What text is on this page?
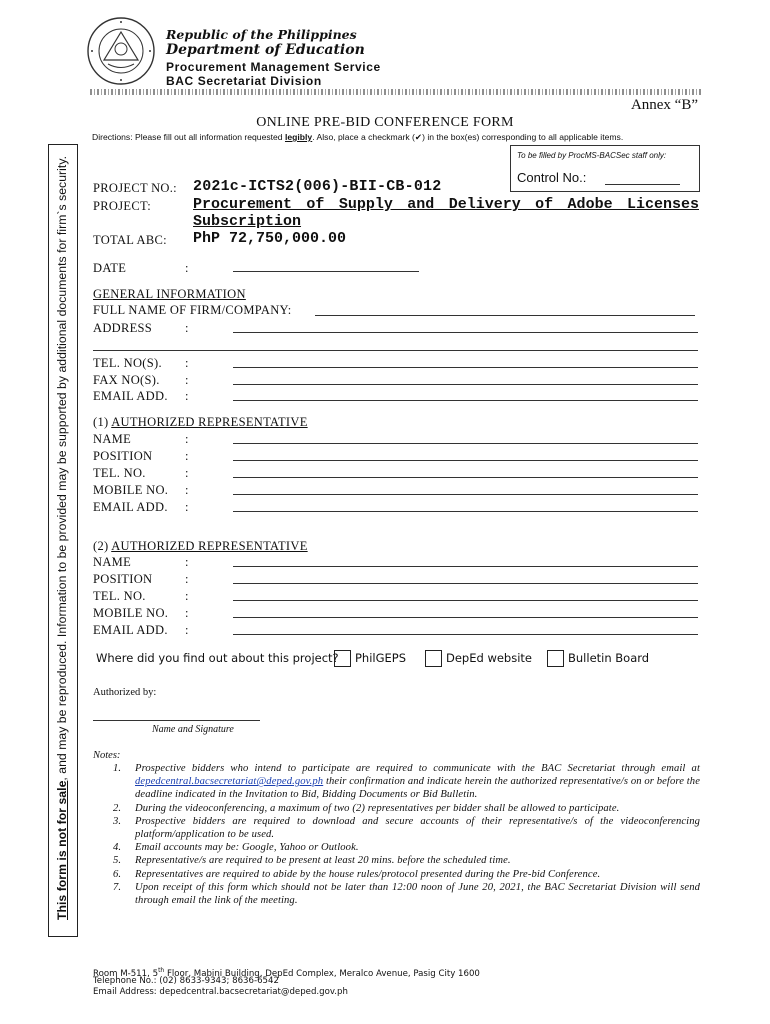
This form is not for sale, and may be reproduced. Information to be provided may be supported by additional documents for firm`s security.
Republic of the Philippines
Department of Education
Procurement Management Service
BAC Secretariat Division
Annex “B”
ONLINE PRE-BID CONFERENCE FORM
Directions: Please fill out all information requested legibly. Also, place a checkmark (✔) in the box(es) corresponding to all applicable items.
To be filled by ProcMS-BACSec staff only:
Control No.:
PROJECT NO.: 2021c-ICTS2(006)-BII-CB-012
PROJECT:	Procurement of Supply and Delivery of Adobe Licenses Subscription
TOTAL ABC: PhP 72,750,000.00
DATE	:
GENERAL INFORMATION
FULL NAME OF FIRM/COMPANY:
ADDRESS	:
TEL. NO(S). :
FAX NO(S). :
EMAIL ADD. :
(1) AUTHORIZED REPRESENTATIVE
NAME	:
POSITION	:
TEL. NO.	:
MOBILE NO. :
EMAIL ADD. :
(2) AUTHORIZED REPRESENTATIVE
NAME	:
POSITION	:
TEL. NO.	:
MOBILE NO. :
EMAIL ADD. :
Where did you find out about this project? PhilGEPS	DepEd website	Bulletin Board
Authorized by:
Name and Signature
Notes:
1. Prospective bidders who intend to participate are required to communicate with the BAC Secretariat through email at depedcentral.bacsecretariat@deped.gov.ph their confirmation and indicate herein the authorized representative/s on or before the deadline indicated in the Invitation to Bid, Bidding Documents or Bid Bulletin.
2. During the videoconferencing, a maximum of two (2) representatives per bidder shall be allowed to participate.
3. Prospective bidders are required to download and secure accounts of their representative/s of the videoconferencing platform/application to be used.
4. Email accounts may be: Google, Yahoo or Outlook.
5. Representative/s are required to be present at least 20 mins. before the scheduled time.
6. Representatives are required to abide by the house rules/protocol presented during the Pre-bid Conference.
7. Upon receipt of this form which should not be later than 12:00 noon of June 20, 2021, the BAC Secretariat Division will send through email the link of the meeting.
Room M-511, 5th Floor, Mabini Building, DepEd Complex, Meralco Avenue, Pasig City 1600
Telephone No.: (02) 8633-9343; 8636-6542
Email Address: depedcentral.bacsecretariat@deped.gov.ph
